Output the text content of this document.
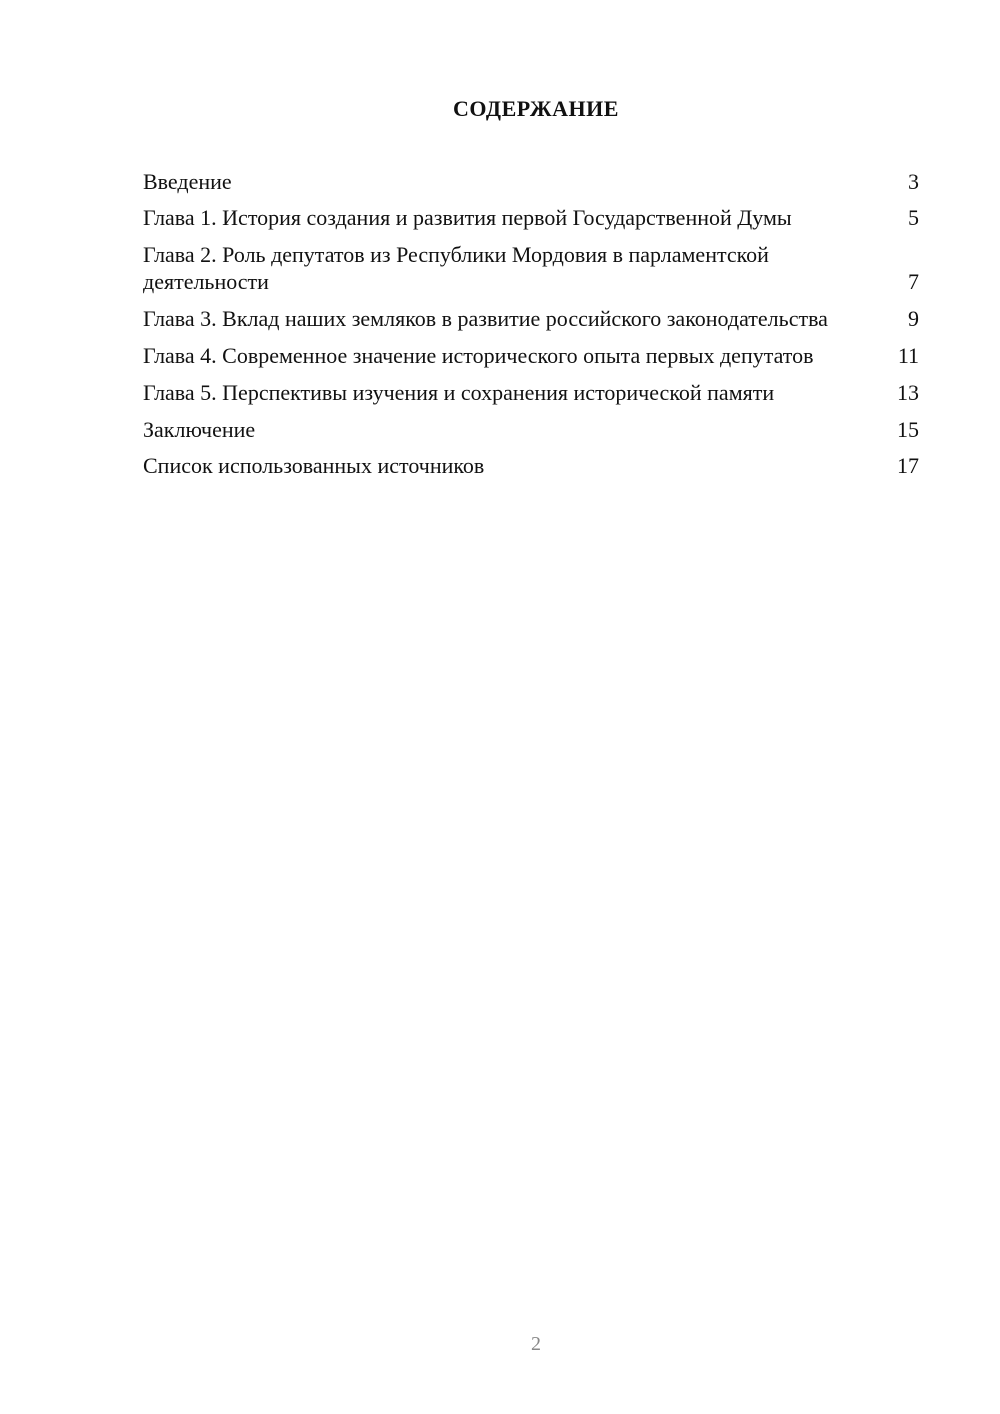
СОДЕРЖАНИЕ
Введение	3
Глава 1. История создания и развития первой Государственной Думы	5
Глава 2. Роль депутатов из Республики Мордовия в парламентской деятельности	7
Глава 3. Вклад наших земляков в развитие российского законодательства	9
Глава 4. Современное значение исторического опыта первых депутатов	11
Глава 5. Перспективы изучения и сохранения исторической памяти	13
Заключение	15
Список использованных источников	17
2
